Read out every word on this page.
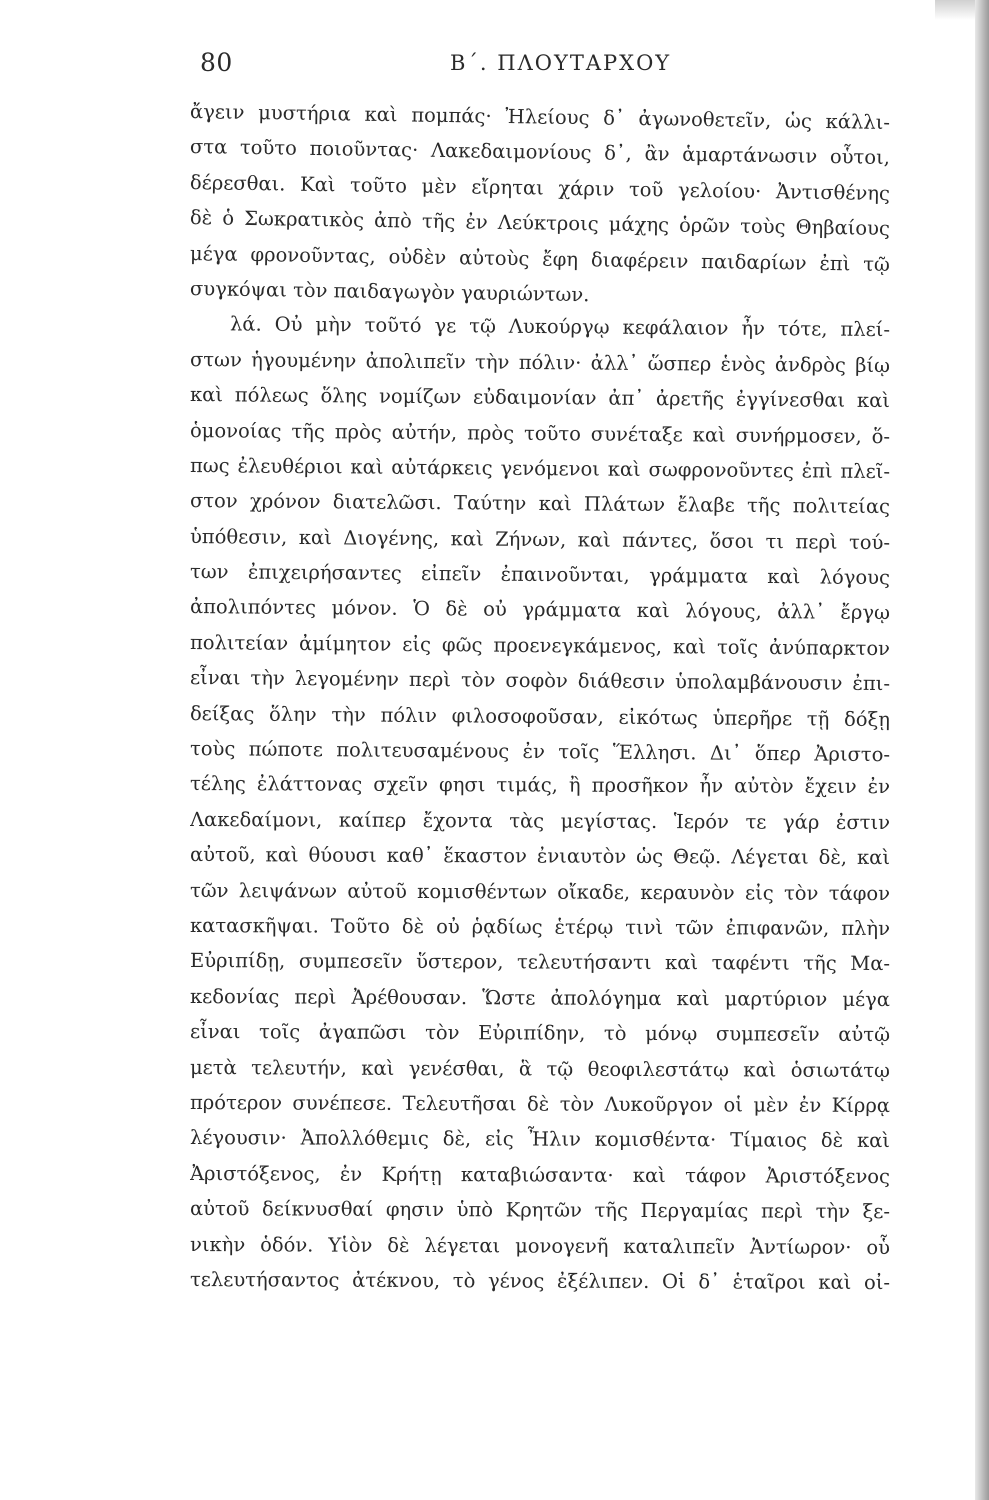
80	Β΄. ΠΛΟΥΤΑΡΧΟΥ
ἄγειν μυστήρια καὶ πομπάς· Ἠλείους δ᾽ ἀγωνοθετεῖν, ὡς κάλλι-
στα τοῦτο ποιοῦντας· Λακεδαιμονίους δ᾽, ἂν ἁμαρτάνωσιν οὗτοι,
δέρεσθαι. Καὶ τοῦτο μὲν εἴρηται χάριν τοῦ γελοίου· Ἀντισθένης
δὲ ὁ Σωκρατικὸς ἀπὸ τῆς ἐν Λεύκτροις μάχης ὁρῶν τοὺς Θηβαίους
μέγα φρονοῦντας, οὐδὲν αὐτοὺς ἔφη διαφέρειν παιδαρίων ἐπὶ τῷ
συγκόψαι τὸν παιδαγωγὸν γαυριώντων.
λά. Οὐ μὴν τοῦτό γε τῷ Λυκούργῳ κεφάλαιον ἦν τότε, πλεί-
στων ἡγουμένην ἀπολιπεῖν τὴν πόλιν· ἀλλ᾽ ὥσπερ ἑνὸς ἀνδρὸς βίῳ
καὶ πόλεως ὅλης νομίζων εὐδαιμονίαν ἀπ᾽ ἀρετῆς ἐγγίνεσθαι καὶ
ὁμονοίας τῆς πρὸς αὐτήν, πρὸς τοῦτο συνέταξε καὶ συνήρμοσεν, ὅ-
πως ἐλευθέριοι καὶ αὐτάρκεις γενόμενοι καὶ σωφρονοῦντες ἐπὶ πλεῖ-
στον χρόνον διατελῶσι. Ταύτην καὶ Πλάτων ἔλαβε τῆς πολιτείας
ὑπόθεσιν, καὶ Διογένης, καὶ Ζήνων, καὶ πάντες, ὅσοι τι περὶ τού-
των ἐπιχειρήσαντες εἰπεῖν ἐπαινοῦνται, γράμματα καὶ λόγους
ἀπολιπόντες μόνον. Ὁ δὲ οὐ γράμματα καὶ λόγους, ἀλλ᾽ ἔργῳ
πολιτείαν ἀμίμητον εἰς φῶς προενεγκάμενος, καὶ τοῖς ἀνύπαρκτον
εἶναι τὴν λεγομένην περὶ τὸν σοφὸν διάθεσιν ὑπολαμβάνουσιν ἐπι-
δείξας ὅλην τὴν πόλιν φιλοσοφοῦσαν, εἰκότως ὑπερῆρε τῇ δόξῃ
τοὺς πώποτε πολιτευσαμένους ἐν τοῖς Ἕλλησι. Δι᾽ ὅπερ Ἀριστο-
τέλης ἐλάττονας σχεῖν φησι τιμάς, ἢ προσῆκον ἦν αὐτὸν ἔχειν ἐν
Λακεδαίμονι, καίπερ ἔχοντα τὰς μεγίστας. Ἱερόν τε γάρ ἐστιν
αὐτοῦ, καὶ θύουσι καθ᾽ ἕκαστον ἐνιαυτὸν ὡς Θεῷ. Λέγεται δὲ, καὶ
τῶν λειψάνων αὐτοῦ κομισθέντων οἴκαδε, κεραυνὸν εἰς τὸν τάφον
κατασκῆψαι. Τοῦτο δὲ οὐ ῥᾳδίως ἑτέρῳ τινὶ τῶν ἐπιφανῶν, πλὴν
Εὐριπίδῃ, συμπεσεῖν ὕστερον, τελευτήσαντι καὶ ταφέντι τῆς Μα-
κεδονίας περὶ Ἀρέθουσαν. Ὥστε ἀπολόγημα καὶ μαρτύριον μέγα
εἶναι τοῖς ἀγαπῶσι τὸν Εὐριπίδην, τὸ μόνῳ συμπεσεῖν αὐτῷ
μετὰ τελευτήν, καὶ γενέσθαι, ἃ τῷ θεοφιλεστάτῳ καὶ ὁσιωτάτῳ
πρότερον συνέπεσε. Τελευτῆσαι δὲ τὸν Λυκοῦργον οἱ μὲν ἐν Κίρρᾳ
λέγουσιν· Ἀπολλόθεμις δὲ, εἰς Ἦλιν κομισθέντα· Τίμαιος δὲ καὶ
Ἀριστόξενος, ἐν Κρήτῃ καταβιώσαντα· καὶ τάφον Ἀριστόξενος
αὐτοῦ δείκνυσθαί φησιν ὑπὸ Κρητῶν τῆς Περγαμίας περὶ τὴν ξε-
νικὴν ὁδόν. Υἱὸν δὲ λέγεται μονογενῆ καταλιπεῖν Ἀντίωρον· οὗ
τελευτήσαντος ἀτέκνου, τὸ γένος ἐξέλιπεν. Οἱ δ᾽ ἑταῖροι καὶ οἰ-
